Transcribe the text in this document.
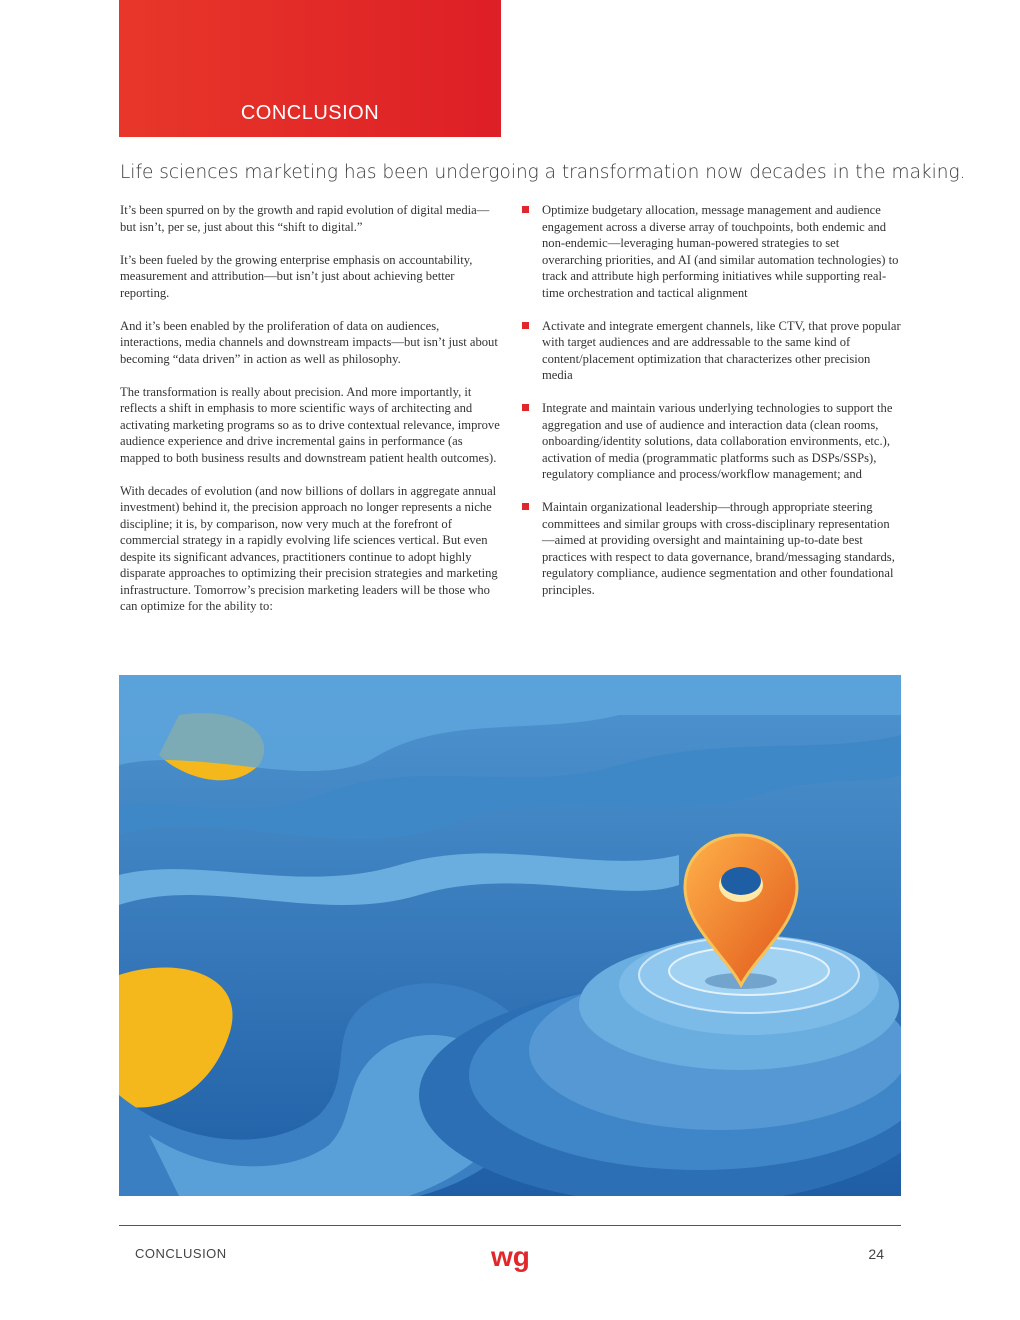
CONCLUSION
Life sciences marketing has been undergoing a transformation now decades in the making.

It’s been spurred on by the growth and rapid evolution of digital media—but isn’t, per se, just about this “shift to digital.”

It’s been fueled by the growing enterprise emphasis on accountability, measurement and attribution—but isn’t just about achieving better reporting.

And it’s been enabled by the proliferation of data on audiences, interactions, media channels and downstream impacts—but isn’t just about becoming “data driven” in action as well as philosophy.

The transformation is really about precision. And more importantly, it reflects a shift in emphasis to more scientific ways of architecting and activating marketing programs so as to drive contextual relevance, improve audience experience and drive incremental gains in performance (as mapped to both business results and downstream patient health outcomes).

With decades of evolution (and now billions of dollars in aggregate annual investment) behind it, the precision approach no longer represents a niche discipline; it is, by comparison, now very much at the forefront of commercial strategy in a rapidly evolving life sciences vertical. But even despite its significant advances, practitioners continue to adopt highly disparate approaches to optimizing their precision strategies and marketing infrastructure. Tomorrow’s precision marketing leaders will be those who can optimize for the ability to:

Optimize budgetary allocation, message management and audience engagement across a diverse array of touchpoints, both endemic and non-endemic—leveraging human-powered strategies to set overarching priorities, and AI (and similar automation technologies) to track and attribute high performing initiatives while supporting real-time orchestration and tactical alignment
Activate and integrate emergent channels, like CTV, that prove popular with target audiences and are addressable to the same kind of content/placement optimization that characterizes other precision media
Integrate and maintain various underlying technologies to support the aggregation and use of audience and interaction data (clean rooms, onboarding/identity solutions, data collaboration environments, etc.), activation of media (programmatic platforms such as DSPs/SSPs), regulatory compliance and process/workflow management; and
Maintain organizational leadership—through appropriate steering committees and similar groups with cross-disciplinary representation—aimed at providing oversight and maintaining up-to-date best practices with respect to data governance, brand/messaging standards, regulatory compliance, audience segmentation and other foundational principles.
CONCLUSION	wg	24
